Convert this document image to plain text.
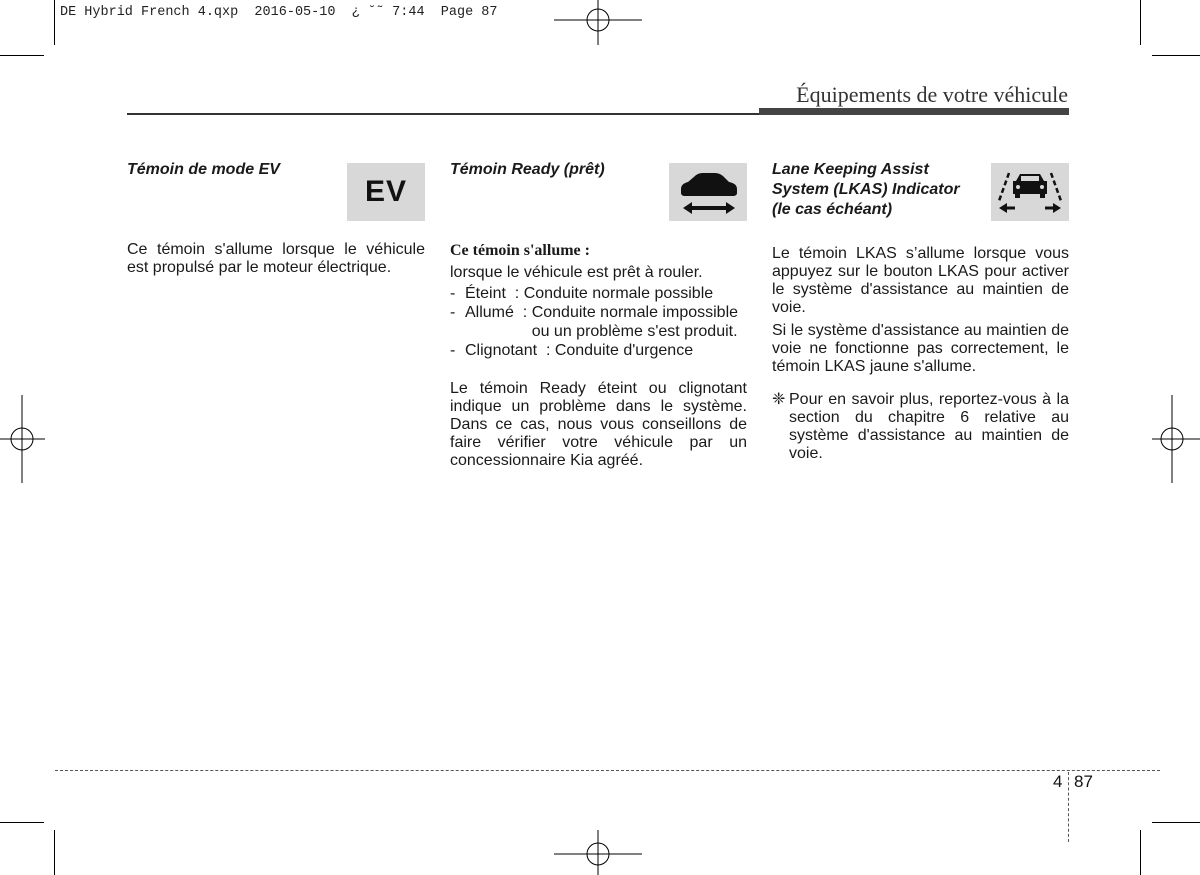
DE Hybrid French 4.qxp  2016-05-10  ¿ ˘˜ 7:44  Page 87
Équipements de votre véhicule
Témoin de mode EV
EV

Ce témoin s'allume lorsque le véhicule est propulsé par le moteur électrique.

Témoin Ready (prêt)
Ce témoin s'allume :
lorsque le véhicule est prêt à rouler.
- Éteint  : Conduite normale possible
- Allumé  : Conduite normale impossible ou un problème s'est produit.
- Clignotant  : Conduite d'urgence

Le témoin Ready éteint ou clignotant indique un problème dans le système. Dans ce cas, nous vous conseillons de faire vérifier votre véhicule par un concessionnaire Kia agréé.

Lane Keeping Assist System (LKAS) Indicator (le cas échéant)

Le témoin LKAS s’allume lorsque vous appuyez sur le bouton LKAS pour activer le système d'assistance au maintien de voie.

Si le système d'assistance au maintien de voie ne fonctionne pas correctement, le témoin LKAS jaune s'allume.

❈ Pour en savoir plus, reportez-vous à la section du chapitre 6 relative au système d'assistance au maintien de voie.
4 87
